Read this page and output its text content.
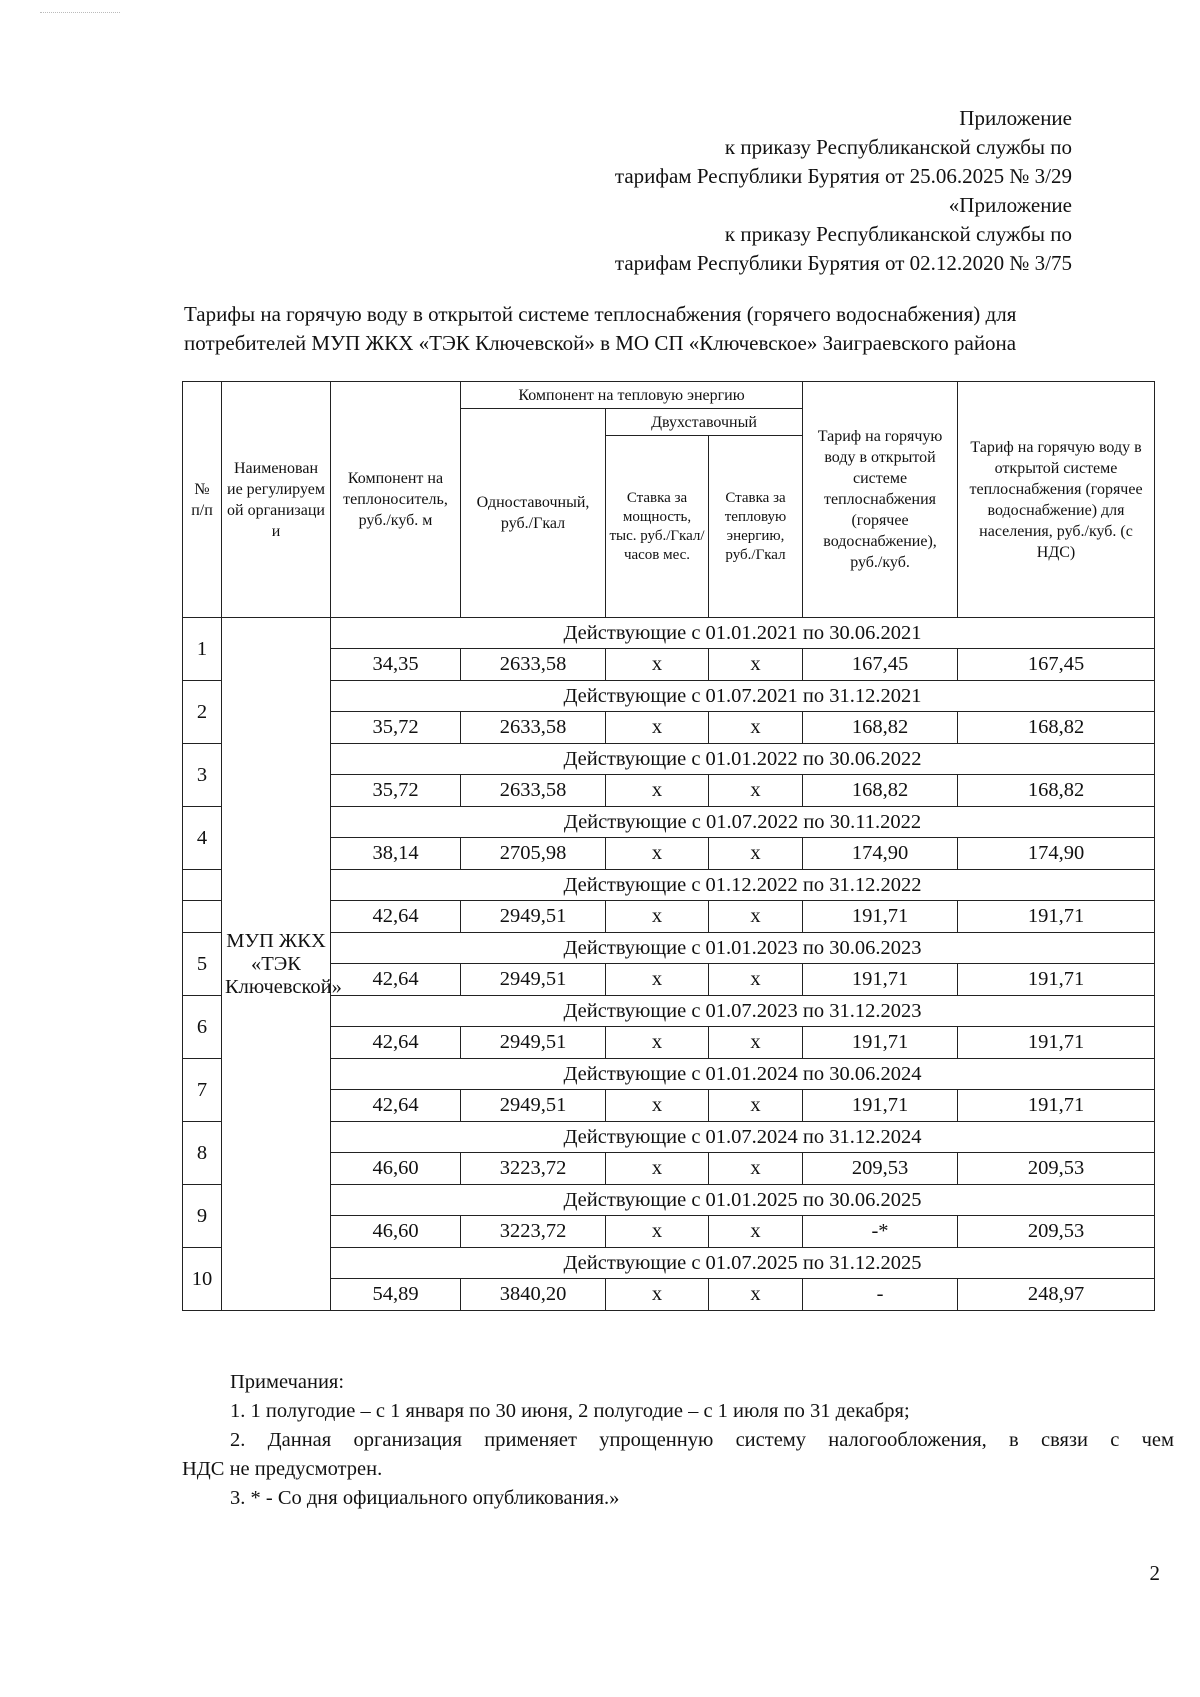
Приложение
к приказу Республиканской службы по
тарифам Республики Бурятия от 25.06.2025 № 3/29
«Приложение
к приказу Республиканской службы по
тарифам Республики Бурятия от 02.12.2020 № 3/75
Тарифы на горячую воду в открытой системе теплоснабжения (горячего водоснабжения) для
потребителей МУП ЖКХ «ТЭК Ключевской» в МО СП «Ключевское» Заиграевского района
№ п/п	Наименован ие регулируем ой организаци и	Компонент на теплоноситель, руб./куб. м	Компонент на тепловую энергию			Тариф на горячую воду в открытой системе теплоснабжения (горячее водоснабжение), руб./куб.	Тариф на горячую воду в открытой системе теплоснабжения (горячее водоснабжение) для населения, руб./куб. (с НДС)
			Одноставочный, руб./Гкал	Двухставочный			
				Ставка за мощность, тыс. руб./Гкал/ часов мес.	Ставка за тепловую энергию, руб./Гкал		
1	МУП ЖКХ «ТЭК Ключевской»	Действующие с 01.01.2021 по 30.06.2021					
		34,35	2633,58	х	х	167,45	167,45
2		Действующие с 01.07.2021 по 31.12.2021					
		35,72	2633,58	х	х	168,82	168,82
3		Действующие с 01.01.2022 по 30.06.2022					
		35,72	2633,58	х	х	168,82	168,82
4		Действующие с 01.07.2022 по 30.11.2022					
		38,14	2705,98	х	х	174,90	174,90
		Действующие с 01.12.2022 по 31.12.2022					
		42,64	2949,51	х	х	191,71	191,71
5		Действующие с 01.01.2023 по 30.06.2023					
		42,64	2949,51	х	х	191,71	191,71
6		Действующие с 01.07.2023 по 31.12.2023					
		42,64	2949,51	х	х	191,71	191,71
7		Действующие с 01.01.2024 по 30.06.2024					
		42,64	2949,51	х	х	191,71	191,71
8		Действующие с 01.07.2024 по 31.12.2024					
		46,60	3223,72	х	х	209,53	209,53
9		Действующие с 01.01.2025 по 30.06.2025					
		46,60	3223,72	х	х	-*	209,53
10		Действующие с 01.07.2025 по 31.12.2025					
		54,89	3840,20	х	х	-	248,97
Примечания:
1. 1 полугодие – с 1 января по 30 июня, 2 полугодие – с 1 июля по 31 декабря;
2. Данная организация применяет упрощенную систему налогообложения, в связи с чем
НДС не предусмотрен.
3. * - Со дня официального опубликования.»
2
